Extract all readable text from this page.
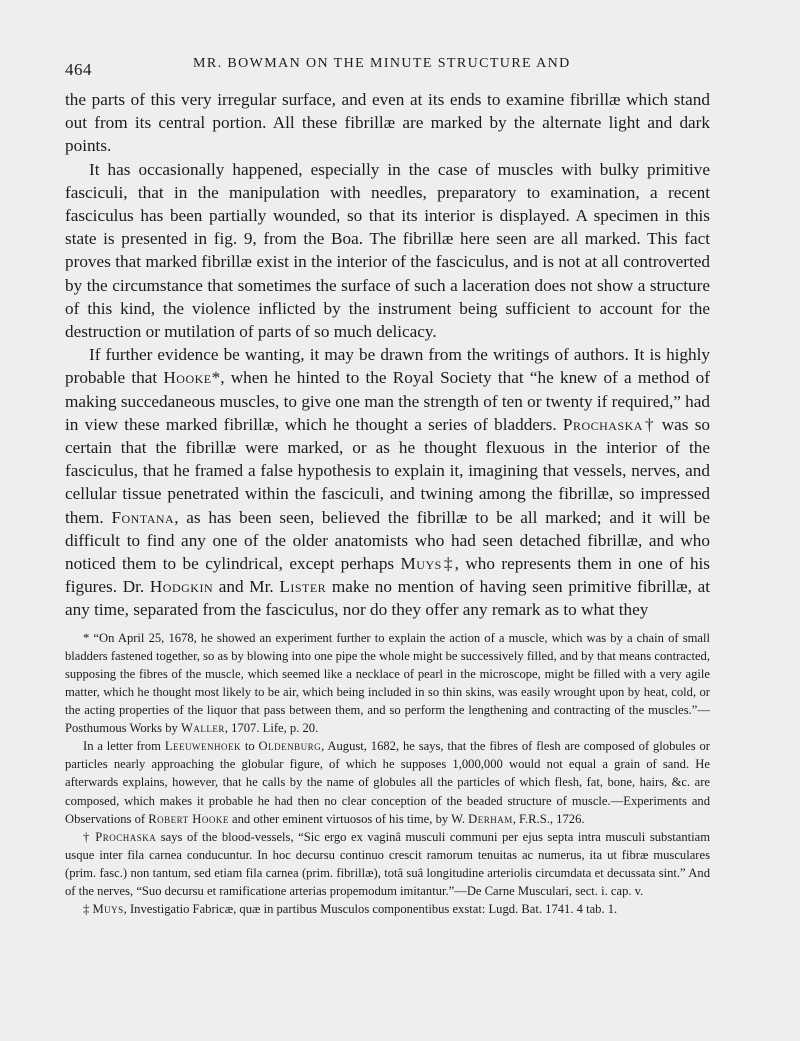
464	MR. BOWMAN ON THE MINUTE STRUCTURE AND

the parts of this very irregular surface, and even at its ends to examine fibrillæ which stand out from its central portion. All these fibrillæ are marked by the alternate light and dark points.

It has occasionally happened, especially in the case of muscles with bulky primitive fasciculi, that in the manipulation with needles, preparatory to examination, a recent fasciculus has been partially wounded, so that its interior is displayed. A specimen in this state is presented in fig. 9, from the Boa. The fibrillæ here seen are all marked. This fact proves that marked fibrillæ exist in the interior of the fasciculus, and is not at all controverted by the circumstance that sometimes the surface of such a laceration does not show a structure of this kind, the violence inflicted by the instrument being sufficient to account for the destruction or mutilation of parts of so much delicacy.

If further evidence be wanting, it may be drawn from the writings of authors. It is highly probable that Hooke*, when he hinted to the Royal Society that “he knew of a method of making succedaneous muscles, to give one man the strength of ten or twenty if required,” had in view these marked fibrillæ, which he thought a series of bladders. Prochaska† was so certain that the fibrillæ were marked, or as he thought flexuous in the interior of the fasciculus, that he framed a false hypothesis to explain it, imagining that vessels, nerves, and cellular tissue penetrated within the fasciculi, and twining among the fibrillæ, so impressed them. Fontana, as has been seen, believed the fibrillæ to be all marked; and it will be difficult to find any one of the older anatomists who had seen detached fibrillæ, and who noticed them to be cylindrical, except perhaps Muys‡, who represents them in one of his figures. Dr. Hodgkin and Mr. Lister make no mention of having seen primitive fibrillæ, at any time, separated from the fasciculus, nor do they offer any remark as to what they

* “On April 25, 1678, he showed an experiment further to explain the action of a muscle, which was by a chain of small bladders fastened together, so as by blowing into one pipe the whole might be successively filled, and by that means contracted, supposing the fibres of the muscle, which seemed like a necklace of pearl in the microscope, might be filled with a very agile matter, which he thought most likely to be air, which being included in so thin skins, was easily wrought upon by heat, cold, or the acting properties of the liquor that pass between them, and so perform the lengthening and contracting of the muscles.”—Posthumous Works by Waller, 1707. Life, p. 20.

In a letter from Leeuwenhoek to Oldenburg, August, 1682, he says, that the fibres of flesh are composed of globules or particles nearly approaching the globular figure, of which he supposes 1,000,000 would not equal a grain of sand. He afterwards explains, however, that he calls by the name of globules all the particles of which flesh, fat, bone, hairs, &c. are composed, which makes it probable he had then no clear conception of the beaded structure of muscle.—Experiments and Observations of Robert Hooke and other eminent virtuosos of his time, by W. Derham, F.R.S., 1726.

† Prochaska says of the blood-vessels, “Sic ergo ex vaginâ musculi communi per ejus septa intra musculi substantiam usque inter fila carnea conducuntur. In hoc decursu continuo crescit ramorum tenuitas ac numerus, ita ut fibræ musculares (prim. fasc.) non tantum, sed etiam fila carnea (prim. fibrillæ), totâ suâ longitudine arteriolis circumdata et decussata sint.” And of the nerves, “Suo decursu et ramificatione arterias propemodum imitantur.”—De Carne Musculari, sect. i. cap. v.

‡ Muys, Investigatio Fabricæ, quæ in partibus Musculos componentibus exstat: Lugd. Bat. 1741. 4 tab. 1.
